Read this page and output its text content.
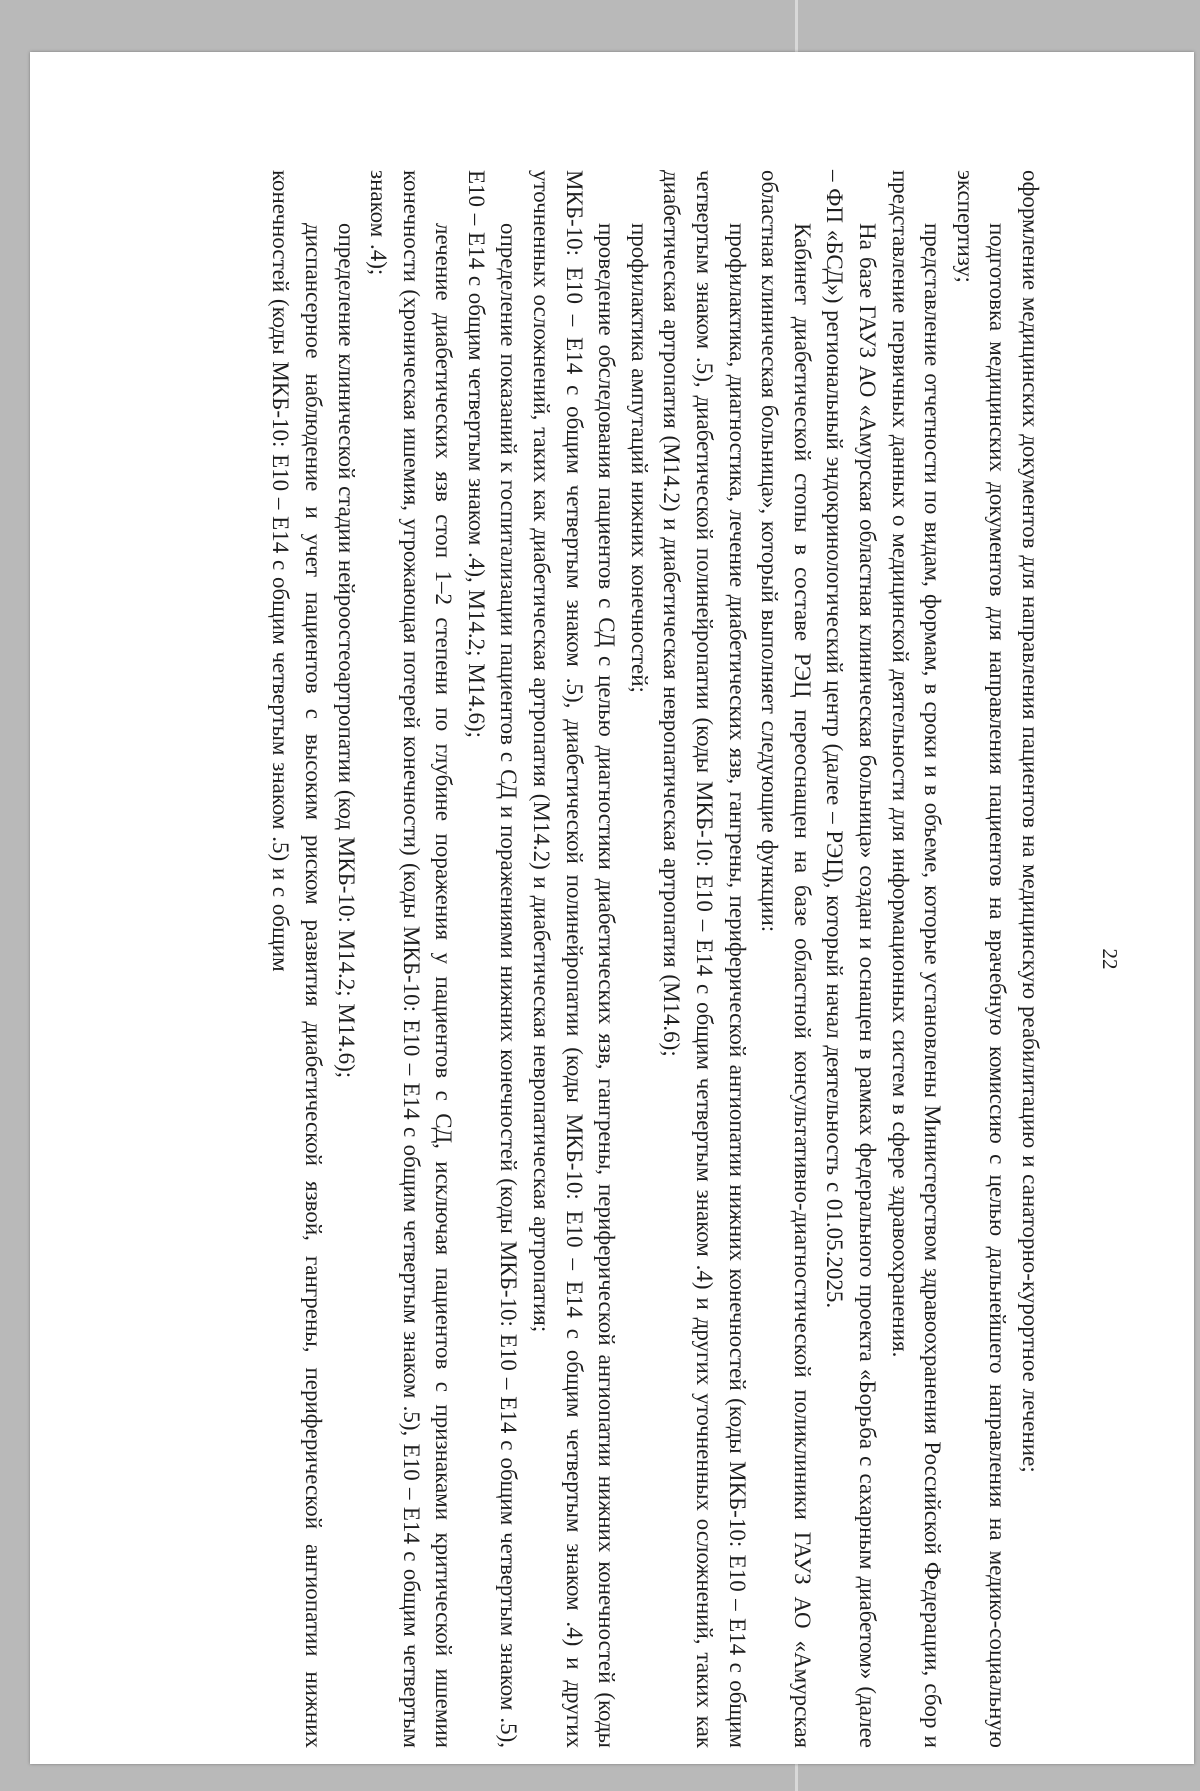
22

оформление медицинских документов для направления пациентов на медицинскую реабилитацию и санаторно-курортное лечение;

подготовка медицинских документов для направления пациентов на врачебную комиссию с целью дальнейшего направления на медико-социальную экспертизу;

представление отчетности по видам, формам, в сроки и в объеме, которые установлены Министерством здравоохранения Российской Федерации, сбор и представление первичных данных о медицинской деятельности для информационных систем в сфере здравоохранения.

На базе ГАУЗ АО «Амурская областная клиническая больница» создан и оснащен в рамках федерального проекта «Борьба с сахарным диабетом» (далее – ФП «БСД») региональный эндокринологический центр (далее – РЭЦ), который начал деятельность с 01.05.2025.

Кабинет диабетической стопы в составе РЭЦ переоснащен на базе областной консультативно-диагностической поликлиники ГАУЗ АО «Амурская областная клиническая больница», который выполняет следующие функции:

профилактика, диагностика, лечение диабетических язв, гангрены, периферической ангиопатии нижних конечностей (коды МКБ-10: Е10 – Е14 с общим четвертым знаком .5), диабетической полинейропатии (коды МКБ-10: Е10 – Е14 с общим четвертым знаком .4) и других уточненных осложнений, таких как диабетическая артропатия (М14.2) и диабетическая невропатическая артропатия (М14.6);

профилактика ампутаций нижних конечностей;

проведение обследования пациентов с СД с целью диагностики диабетических язв, гангрены, периферической ангиопатии нижних конечностей (коды МКБ-10: Е10 – Е14 с общим четвертым знаком .5), диабетической полинейропатии (коды МКБ-10: Е10 – Е14 с общим четвертым знаком .4) и других уточненных осложнений, таких как диабетическая артропатия (М14.2) и диабетическая невропатическая артропатия;

определение показаний к госпитализации пациентов с СД и поражениями нижних конечностей (коды МКБ-10: Е10 – Е14 с общим четвертым знаком .5), Е10 – Е14 с общим четвертым знаком .4), М14.2; М14.6);

лечение диабетических язв стоп 1–2 степени по глубине поражения у пациентов с СД, исключая пациентов с признаками критической ишемии конечности (хроническая ишемия, угрожающая потерей конечности) (коды МКБ-10: Е10 – Е14 с общим четвертым знаком .5), Е10 – Е14 с общим четвертым знаком .4);

определение клинической стадии нейроостеоартропатии (код МКБ-10: М14.2; М14.6);

диспансерное наблюдение и учет пациентов с высоким риском развития диабетической язвой, гангрены, периферической ангиопатии нижних конечностей (коды МКБ-10: Е10 – Е14 с общим четвертым знаком .5) и с общим
